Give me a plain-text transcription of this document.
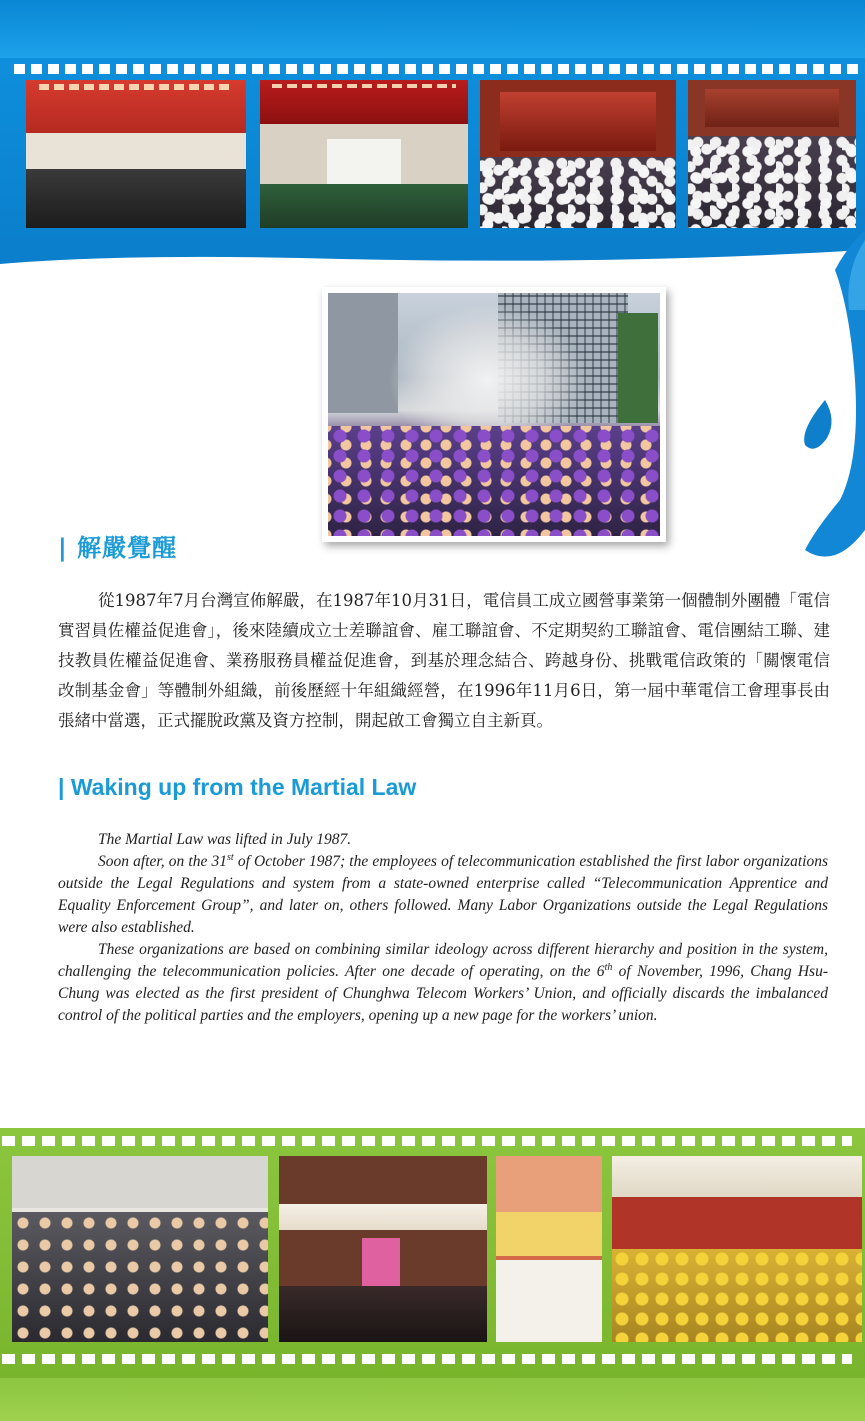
| 解嚴覺醒

從1987年7月台灣宣佈解嚴，在1987年10月31日，電信員工成立國營事業第一個體制外團體「電信實習員佐權益促進會」，後來陸續成立士差聯誼會、雇工聯誼會、不定期契約工聯誼會、電信團結工聯、建技教員佐權益促進會、業務服務員權益促進會，到基於理念結合、跨越身份、挑戰電信政策的「關懷電信改制基金會」等體制外組織，前後歷經十年組織經營，在1996年11月6日，第一屆中華電信工會理事長由張緒中當選，正式擺脫政黨及資方控制，開起啟工會獨立自主新頁。

| Waking up from the Martial Law

The Martial Law was lifted in July 1987.

Soon after, on the 31st of October 1987; the employees of telecommunication established the first labor organizations outside the Legal Regulations and system from a state-owned enterprise called “Telecommunication Apprentice and Equality Enforcement Group”, and later on, others followed. Many Labor Organizations outside the Legal Regulations were also established.

These organizations are based on combining similar ideology across different hierarchy and position in the system, challenging the telecommunication policies. After one decade of operating, on the 6th of November, 1996, Chang Hsu-Chung was elected as the first president of Chunghwa Telecom Workers’ Union, and officially discards the imbalanced control of the political parties and the employers, opening up a new page for the workers’ union.
